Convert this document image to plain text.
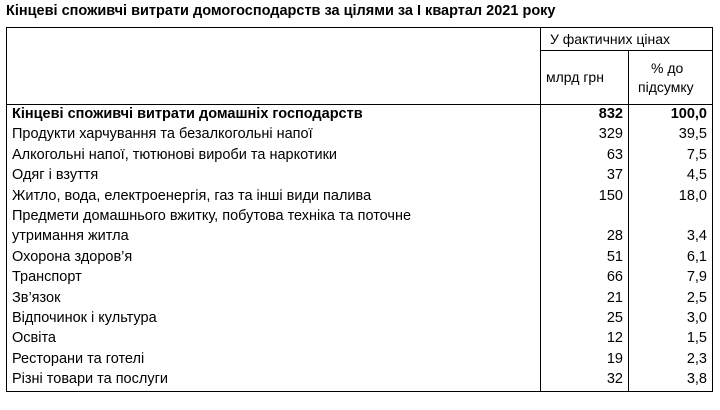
Кінцеві споживчі витрати домогосподарств за цілями за I квартал 2021 року
У фактичних цінах
млрд грн
% до
підсумку
Кінцеві споживчі витрати домашніх господарств	832	100,0
Продукти харчування та безалкогольні напої	329	39,5
Алкогольні напої, тютюнові вироби та наркотики	63	7,5
Одяг і взуття	37	4,5
Житло, вода, електроенергія, газ та інші види палива	150	18,0
Предмети домашнього вжитку, побутова техніка та поточне
утримання житла	28	3,4
Охорона здоров’я	51	6,1
Транспорт	66	7,9
Зв’язок	21	2,5
Відпочинок і культура	25	3,0
Освіта	12	1,5
Ресторани та готелі	19	2,3
Різні товари та послуги	32	3,8
